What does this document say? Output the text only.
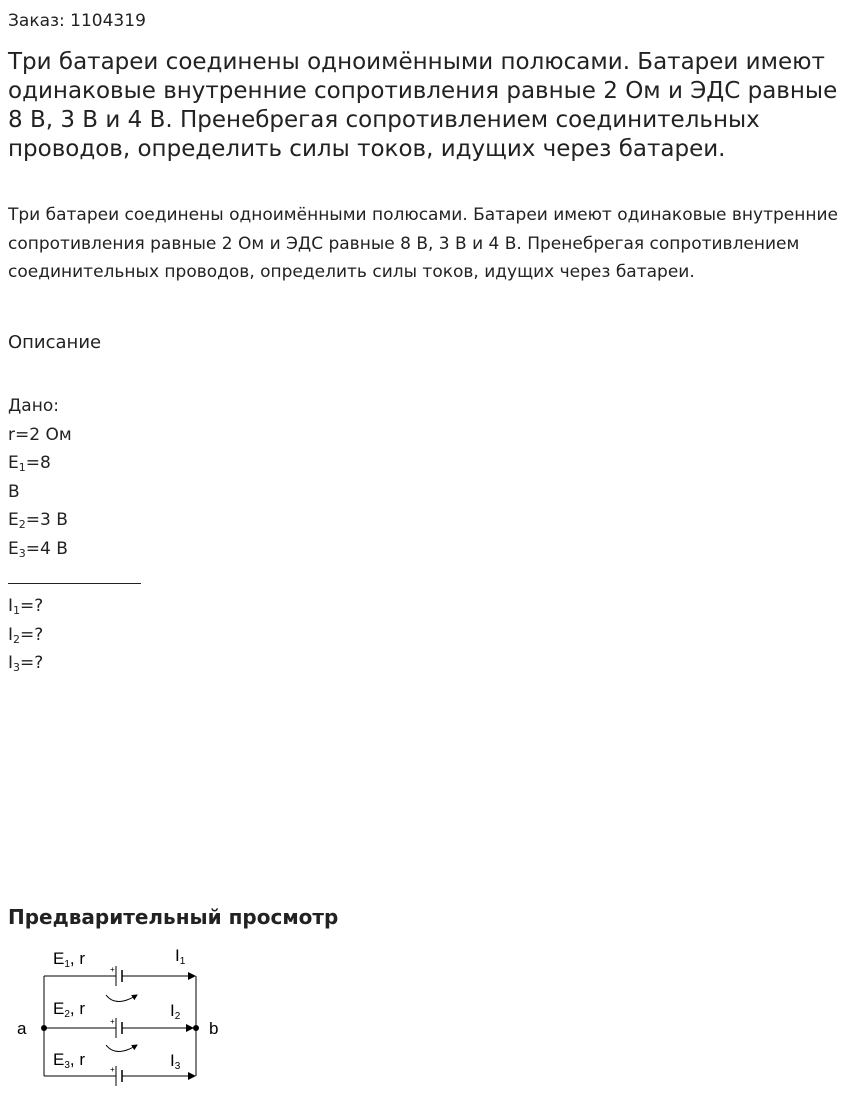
Заказ: 1104319
Три батареи соединены одноимёнными полюсами. Батареи имеют одинаковые внутренние сопротивления равные 2 Ом и ЭДС равные 8 В, 3 В и 4 В. Пренебрегая сопротивлением соединительных проводов, определить силы токов, идущих через батареи.

Три батареи соединены одноимёнными полюсами. Батареи имеют одинаковые внутренние сопротивления равные 2 Ом и ЭДС равные 8 В, 3 В и 4 В. Пренебрегая сопротивлением соединительных проводов, определить силы токов, идущих через батареи.

Описание
Дано:
r=2 Ом
$E_1=8$
В
$E_2=3$ В
$E_3=4$ В
$I_1=$?
$I_2=$?
$I_3=$?
Предварительный просмотр
+
+
+
a	b
E1, r
E2, r
E3, r
I1
I2
I3
